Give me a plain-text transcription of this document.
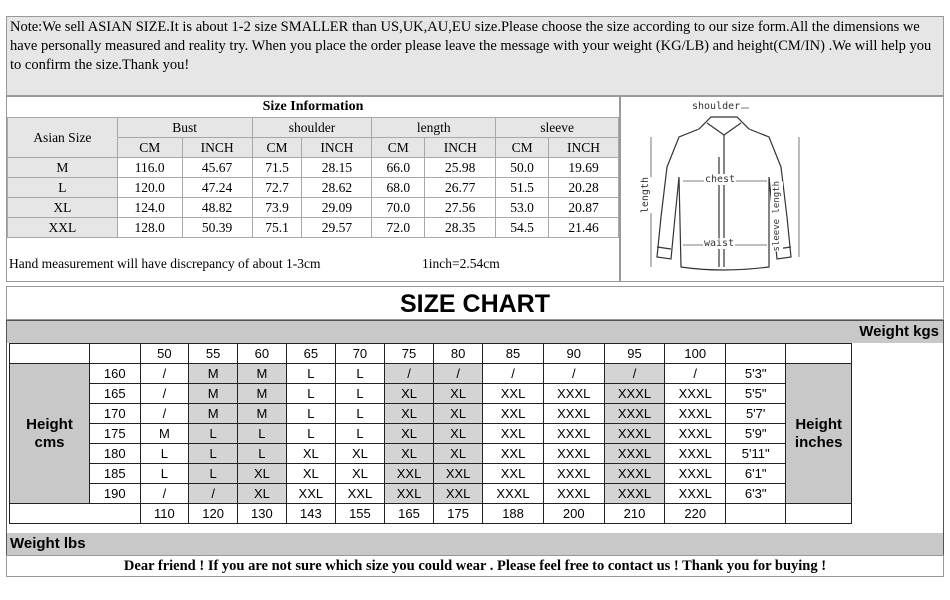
Note:We sell ASIAN SIZE.It is about 1-2 size SMALLER than US,UK,AU,EU size.Please choose the size according to our size form.All the dimensions we

have personally measured and reality try. When you place the order please leave the message with your weight (KG/LB) and height(CM/IN) .We will help you to confirm the size.Thank you!

Size Information
Asian Size	Bust		shoulder		length		sleeve	
	CM	INCH	CM	INCH	CM	INCH	CM	INCH
M	116.0	45.67	71.5	28.15	66.0	25.98	50.0	19.69
L	120.0	47.24	72.7	28.62	68.0	26.77	51.5	20.28
XL	124.0	48.82	73.9	29.09	70.0	27.56	53.0	20.87
XXL	128.0	50.39	75.1	29.57	72.0	28.35	54.5	21.46

Hand measurement will have discrepancy of about 1-3cm	1inch=2.54cm
shoulder
chest
waist
length	sleeve length
SIZE CHART
Weight kgs
		50	55	60	65	70	75	80	85	90	95	100		
Height cms	160	/	M	M	L	L	/	/	/	/	/	/	5'3"	Height inches
	165	/	M	M	L	L	XL	XL	XXL	XXXL	XXXL	XXXL	5'5"	
	170	/	M	M	L	L	XL	XL	XXL	XXXL	XXXL	XXXL	5'7'	
	175	M	L	L	L	L	XL	XL	XXL	XXXL	XXXL	XXXL	5'9"	
	180	L	L	L	XL	XL	XL	XL	XXL	XXXL	XXXL	XXXL	5'11"	
	185	L	L	XL	XL	XL	XXL	XXL	XXL	XXXL	XXXL	XXXL	6'1"	
	190	/	/	XL	XXL	XXL	XXL	XXL	XXXL	XXXL	XXXL	XXXL	6'3"	
		110	120	130	143	155	165	175	188	200	210	220		
Weight lbs
Dear friend ! If you are not sure which size you could wear . Please feel free to contact us ! Thank you for buying !
